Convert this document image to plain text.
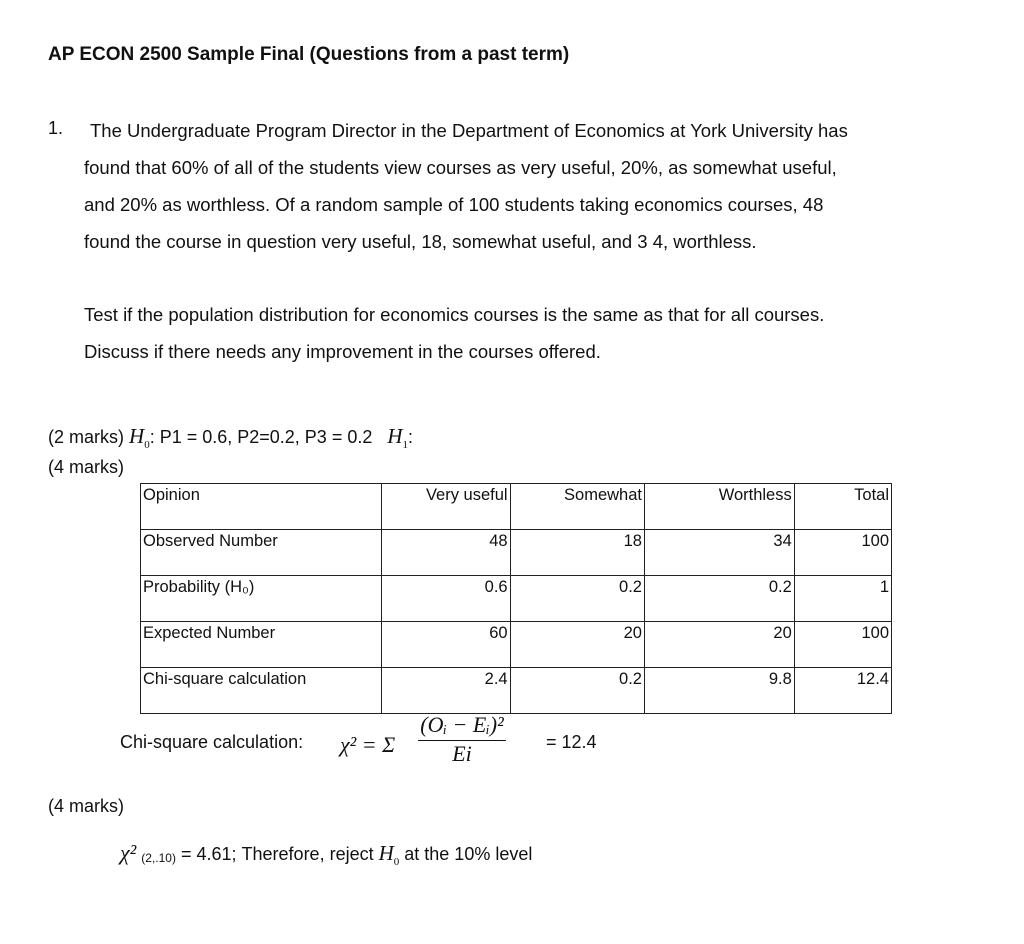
AP ECON 2500 Sample Final (Questions from a past term)
1.	The Undergraduate Program Director in the Department of Economics at York University has
found that 60% of all of the students view courses as very useful, 20%, as somewhat useful,
and 20% as worthless. Of a random sample of 100 students taking economics courses, 48
found the course in question very useful, 18, somewhat useful, and 3 4, worthless.
Test if the population distribution for economics courses is the same as that for all courses.
Discuss if there needs any improvement in the courses offered.
(2 marks) $H_0$: P1 = 0.6, P2=0.2, P3 = 0.2 $H_1$:
(4 marks)
Opinion	Very useful	Somewhat	Worthless	Total
Observed Number	48	18	34	100
Probability (H₀)	0.6	0.2	0.2	1
Expected Number	60	20	20	100
Chi-square calculation	2.4	0.2	9.8	12.4
Chi-square calculation: χ² = Σ $\frac{\text{(Oᵢ − Eᵢ)²}}{Ei} = 12.4$
(4 marks)
χ² (2,.10) = 4.61; Therefore, reject $H_0$ at the 10% level
